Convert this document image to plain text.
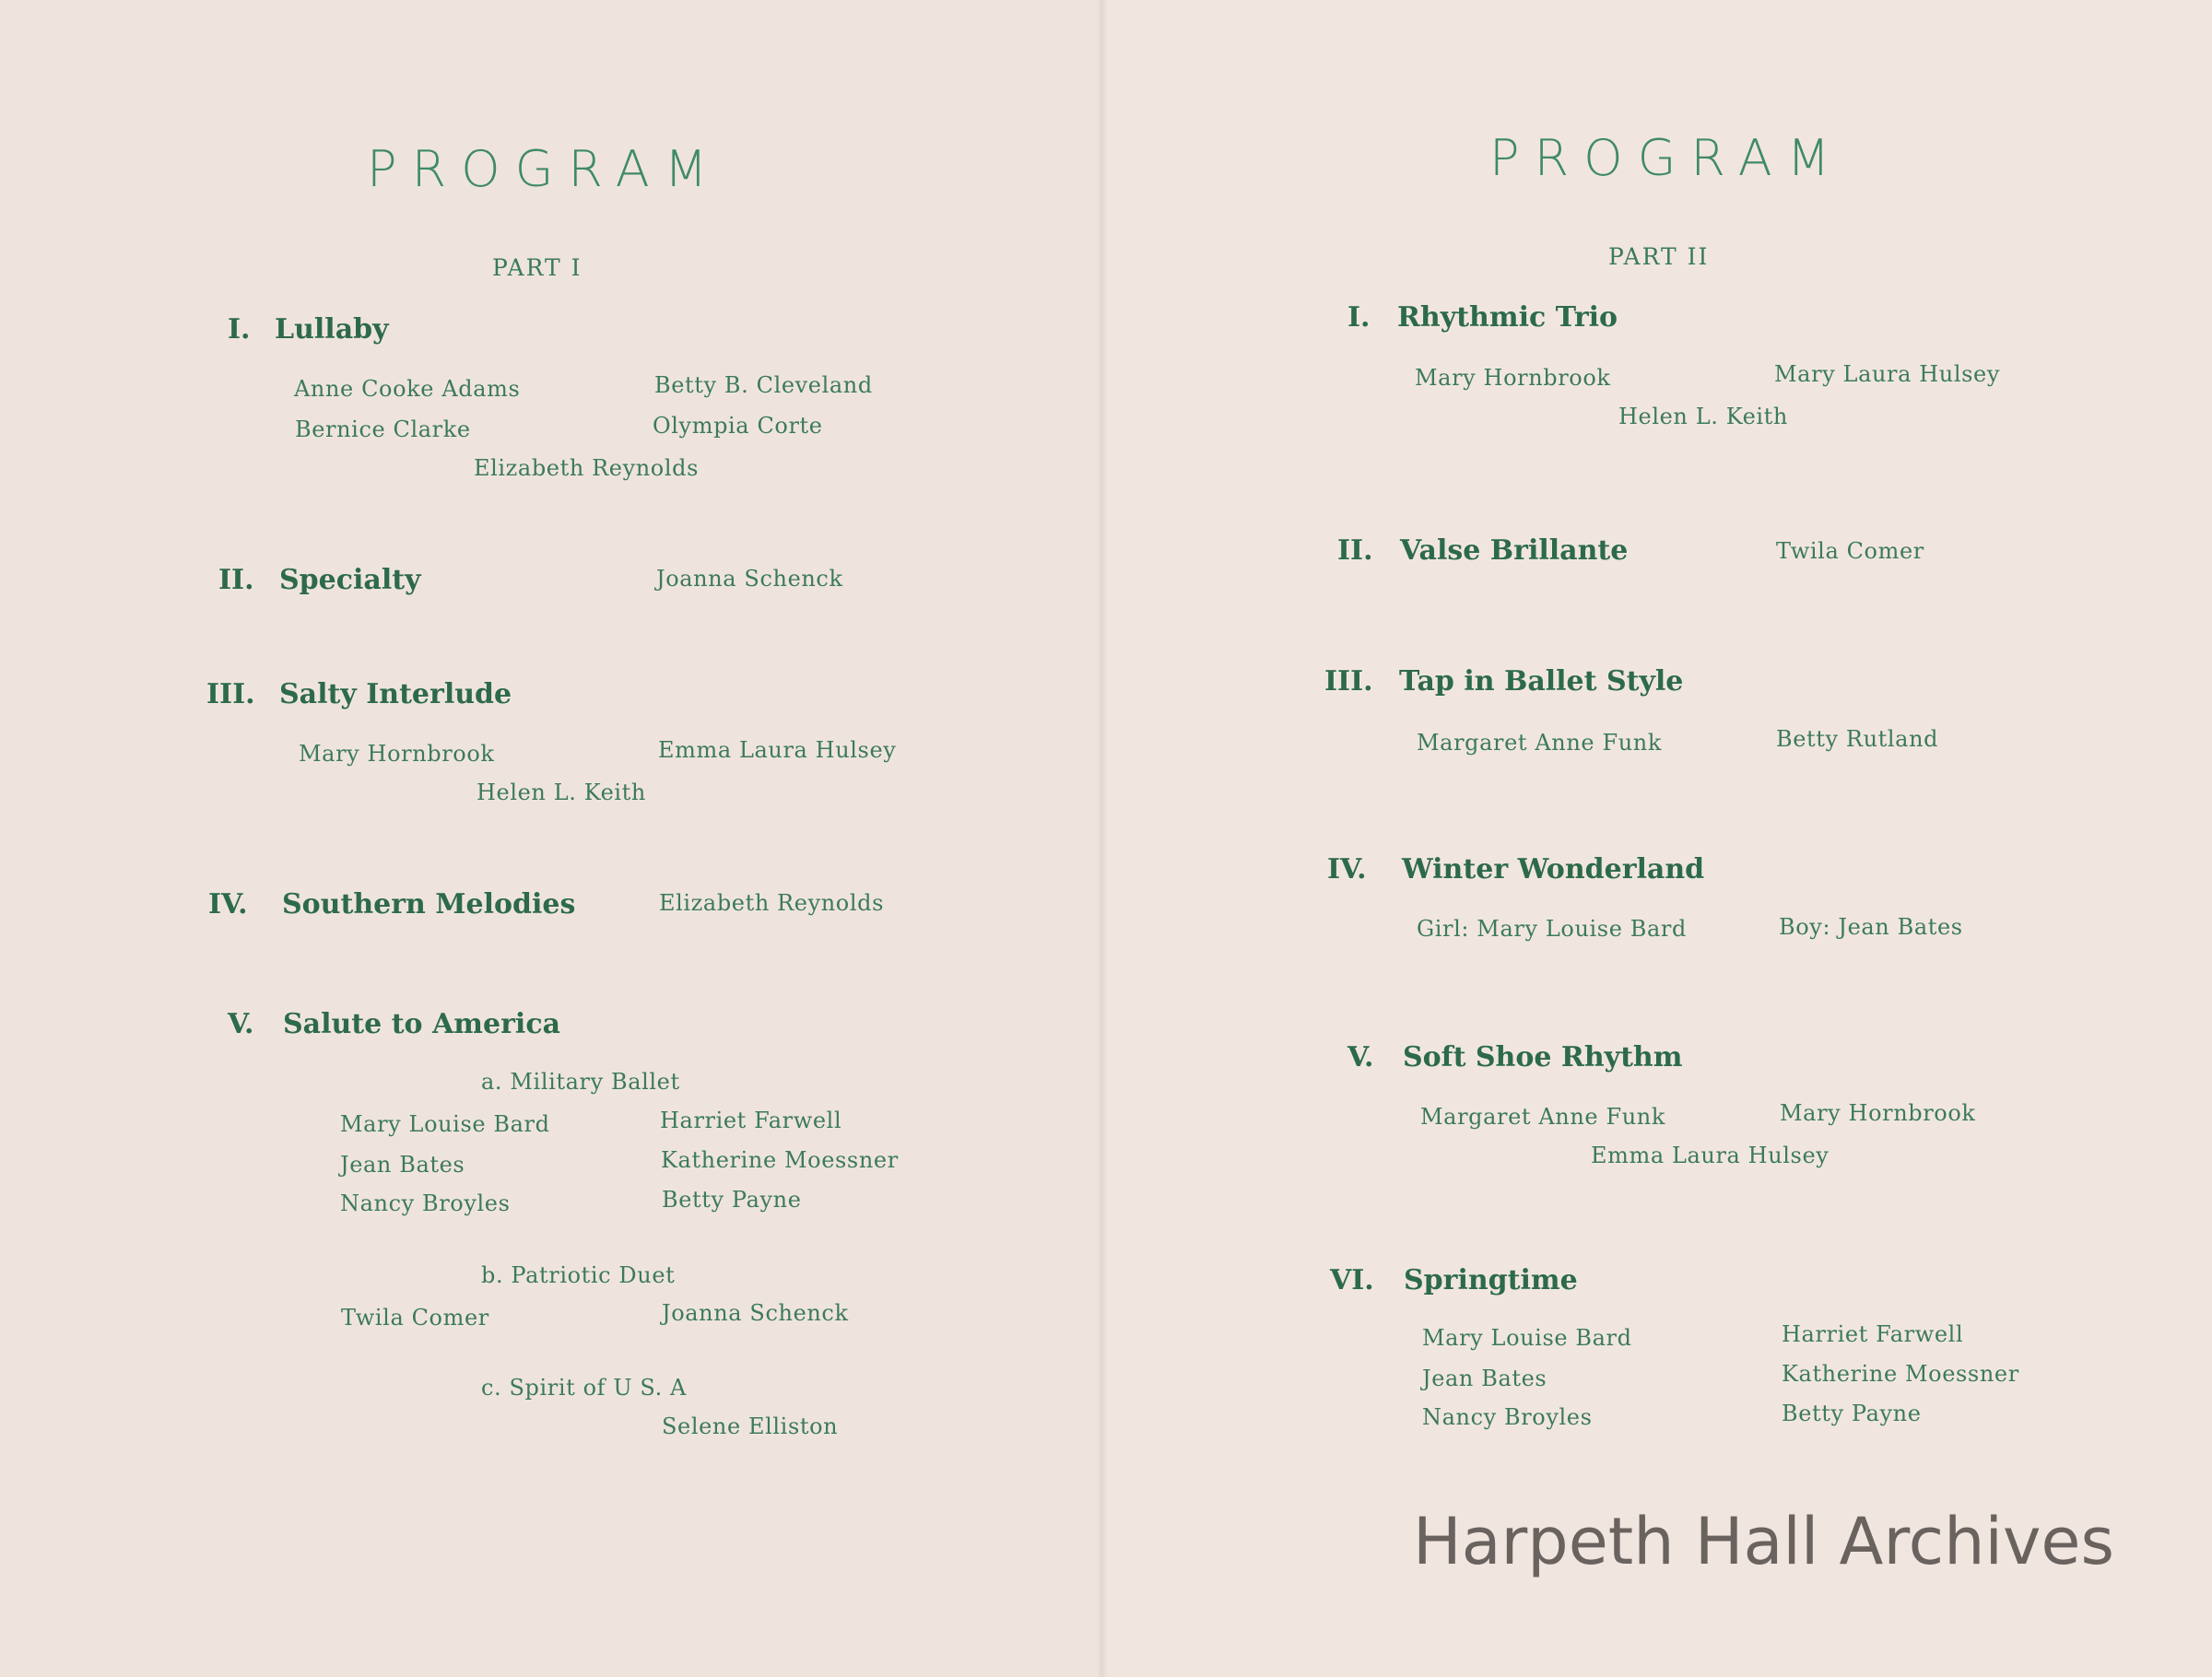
PROGRAM
PART I
I. Lullaby
Anne Cooke Adams	Betty B. Cleveland
Bernice Clarke	Olympia Corte
Elizabeth Reynolds
II. Specialty	Joanna Schenck
III. Salty Interlude
Mary Hornbrook	Emma Laura Hulsey
Helen L. Keith
IV. Southern Melodies	Elizabeth Reynolds
V. Salute to America
a. Military Ballet
Mary Louise Bard	Harriet Farwell
Jean Bates	Katherine Moessner
Nancy Broyles	Betty Payne
b. Patriotic Duet
Twila Comer	Joanna Schenck
c. Spirit of U S. A
Selene Elliston
PROGRAM
PART II
I. Rhythmic Trio
Mary Hornbrook	Mary Laura Hulsey
Helen L. Keith
II. Valse Brillante	Twila Comer
III. Tap in Ballet Style
Margaret Anne Funk	Betty Rutland
IV. Winter Wonderland
Girl: Mary Louise Bard	Boy: Jean Bates
V. Soft Shoe Rhythm
Margaret Anne Funk	Mary Hornbrook
Emma Laura Hulsey
VI. Springtime
Mary Louise Bard	Harriet Farwell
Jean Bates	Katherine Moessner
Nancy Broyles	Betty Payne
Harpeth Hall Archives
